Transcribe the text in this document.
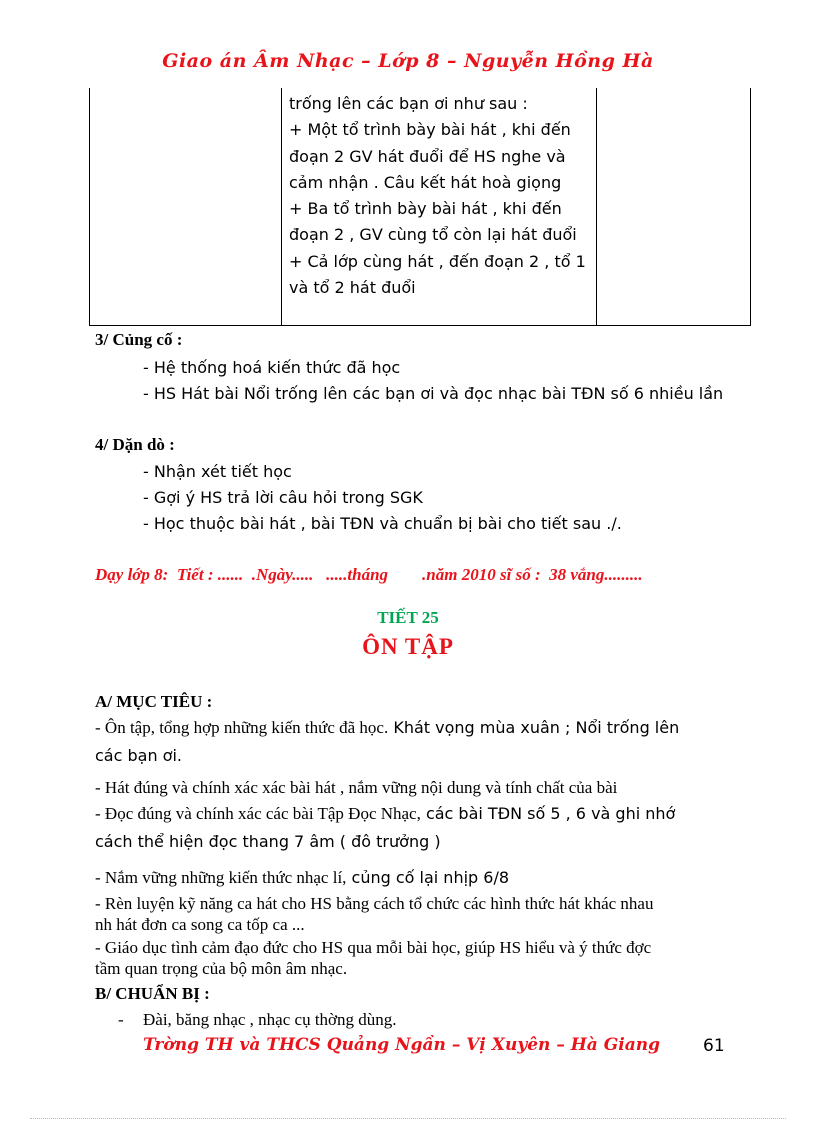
Giao án Âm Nhạc – Lớp 8 – Nguyễn Hồng Hà
trống lên các bạn ơi như sau :
+ Một tổ trình bày bài hát , khi đến
đoạn 2 GV hát đuổi để HS nghe và
cảm nhận . Câu kết hát hoà giọng
+ Ba tổ trình bày bài hát , khi đến
đoạn 2 , GV cùng tổ còn lại hát đuổi
+ Cả lớp cùng hát , đến đoạn 2 , tổ 1
và tổ 2 hát đuổi
3/ Củng cố :
- Hệ thống hoá kiến thức đã học
- HS Hát bài Nổi trống lên các bạn ơi và đọc nhạc bài TĐN số 6 nhiều lần
4/ Dặn dò :
- Nhận xét tiết học
- Gợi ý HS trả lời câu hỏi trong SGK
- Học thuộc bài hát , bài TĐN và chuẩn bị bài cho tiết sau ./.
Dạy lớp 8:  Tiết : ......  .Ngày.....   .....tháng        .năm 2010 sĩ số :  38 vắng.........
TIẾT 25
ÔN TẬP
A/ MỤC TIÊU :
- Ôn tập, tổng hợp những kiến thức đã học. Khát vọng mùa xuân ; Nổi trống lên
các bạn ơi.
- Hát đúng và chính xác xác bài hát , nắm vững nội dung và tính chất của bài
- Đọc đúng và chính xác các bài Tập Đọc Nhạc, các bài TĐN số 5 , 6 và ghi nhớ
cách thể hiện đọc thang 7 âm ( đô trưởng )
- Nắm vững những kiến thức nhạc lí, củng cố lại nhịp 6/8
- Rèn luyện kỹ năng ca hát cho HS bằng cách tổ chức các hình thức hát khác nhau
nh hát đơn ca song ca tốp ca ...
- Giáo dục tình cảm đạo đức cho HS qua mỗi bài học, giúp HS hiểu và ý thức đợc
tầm quan trọng của bộ môn âm nhạc.
B/ CHUẨN BỊ :
- Đài, băng nhạc , nhạc cụ thờng dùng.
Trờng TH và THCS Quảng Ngần – Vị Xuyên – Hà Giang	61
